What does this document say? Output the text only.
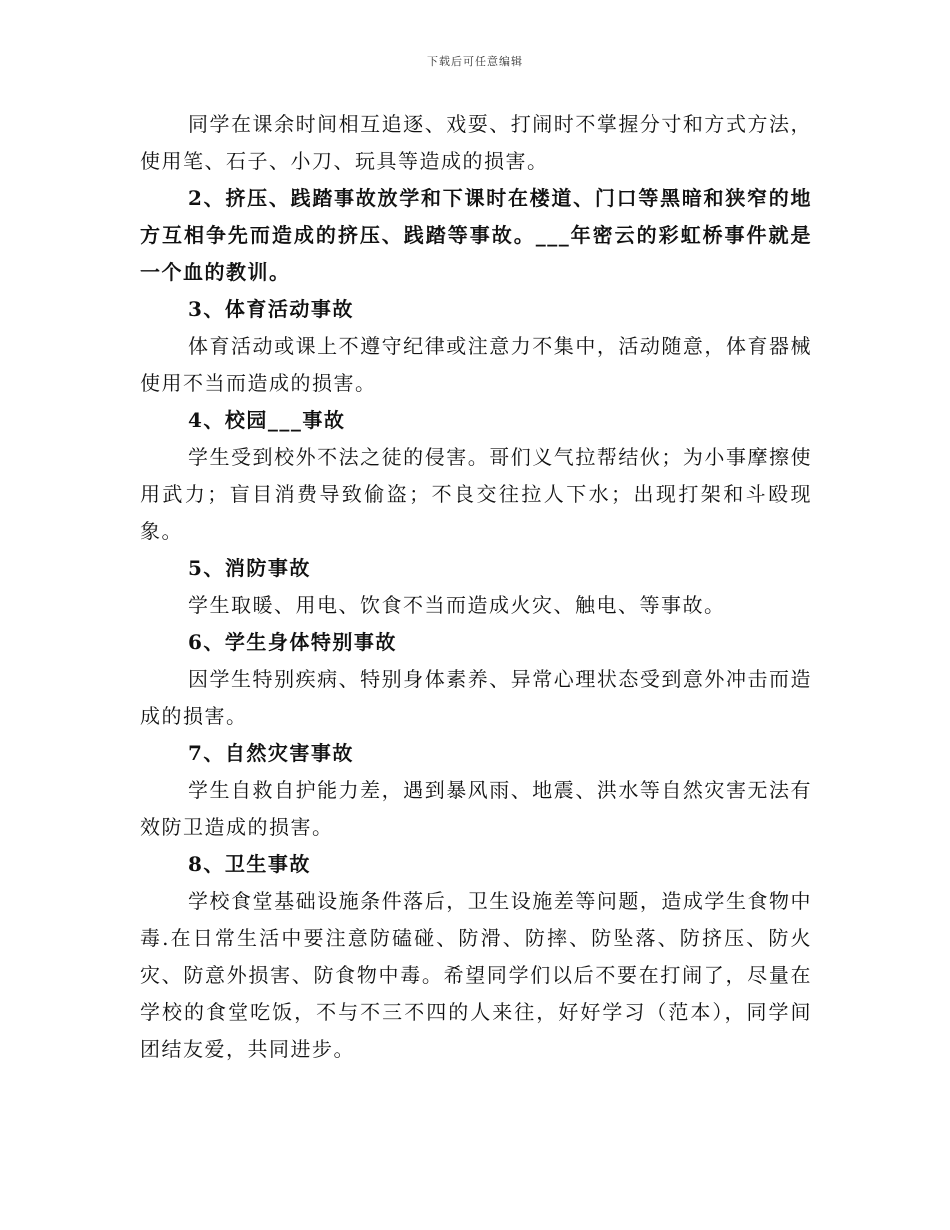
下载后可任意编辑

同学在课余时间相互追逐、戏耍、打闹时不掌握分寸和方式方法，使用笔、石子、小刀、玩具等造成的损害。

2、挤压、践踏事故放学和下课时在楼道、门口等黑暗和狭窄的地方互相争先而造成的挤压、践踏等事故。___年密云的彩虹桥事件就是一个血的教训。

3、体育活动事故

体育活动或课上不遵守纪律或注意力不集中，活动随意，体育器械使用不当而造成的损害。

4、校园___事故

学生受到校外不法之徒的侵害。哥们义气拉帮结伙；为小事摩擦使用武力；盲目消费导致偷盗；不良交往拉人下水；出现打架和斗殴现象。

5、消防事故

学生取暖、用电、饮食不当而造成火灾、触电、等事故。

6、学生身体特别事故

因学生特别疾病、特别身体素养、异常心理状态受到意外冲击而造成的损害。

7、自然灾害事故

学生自救自护能力差，遇到暴风雨、地震、洪水等自然灾害无法有效防卫造成的损害。

8、卫生事故

学校食堂基础设施条件落后，卫生设施差等问题，造成学生食物中毒.在日常生活中要注意防磕碰、防滑、防摔、防坠落、防挤压、防火灾、防意外损害、防食物中毒。希望同学们以后不要在打闹了，尽量在学校的食堂吃饭，不与不三不四的人来往，好好学习（范本），同学间团结友爱，共同进步。
